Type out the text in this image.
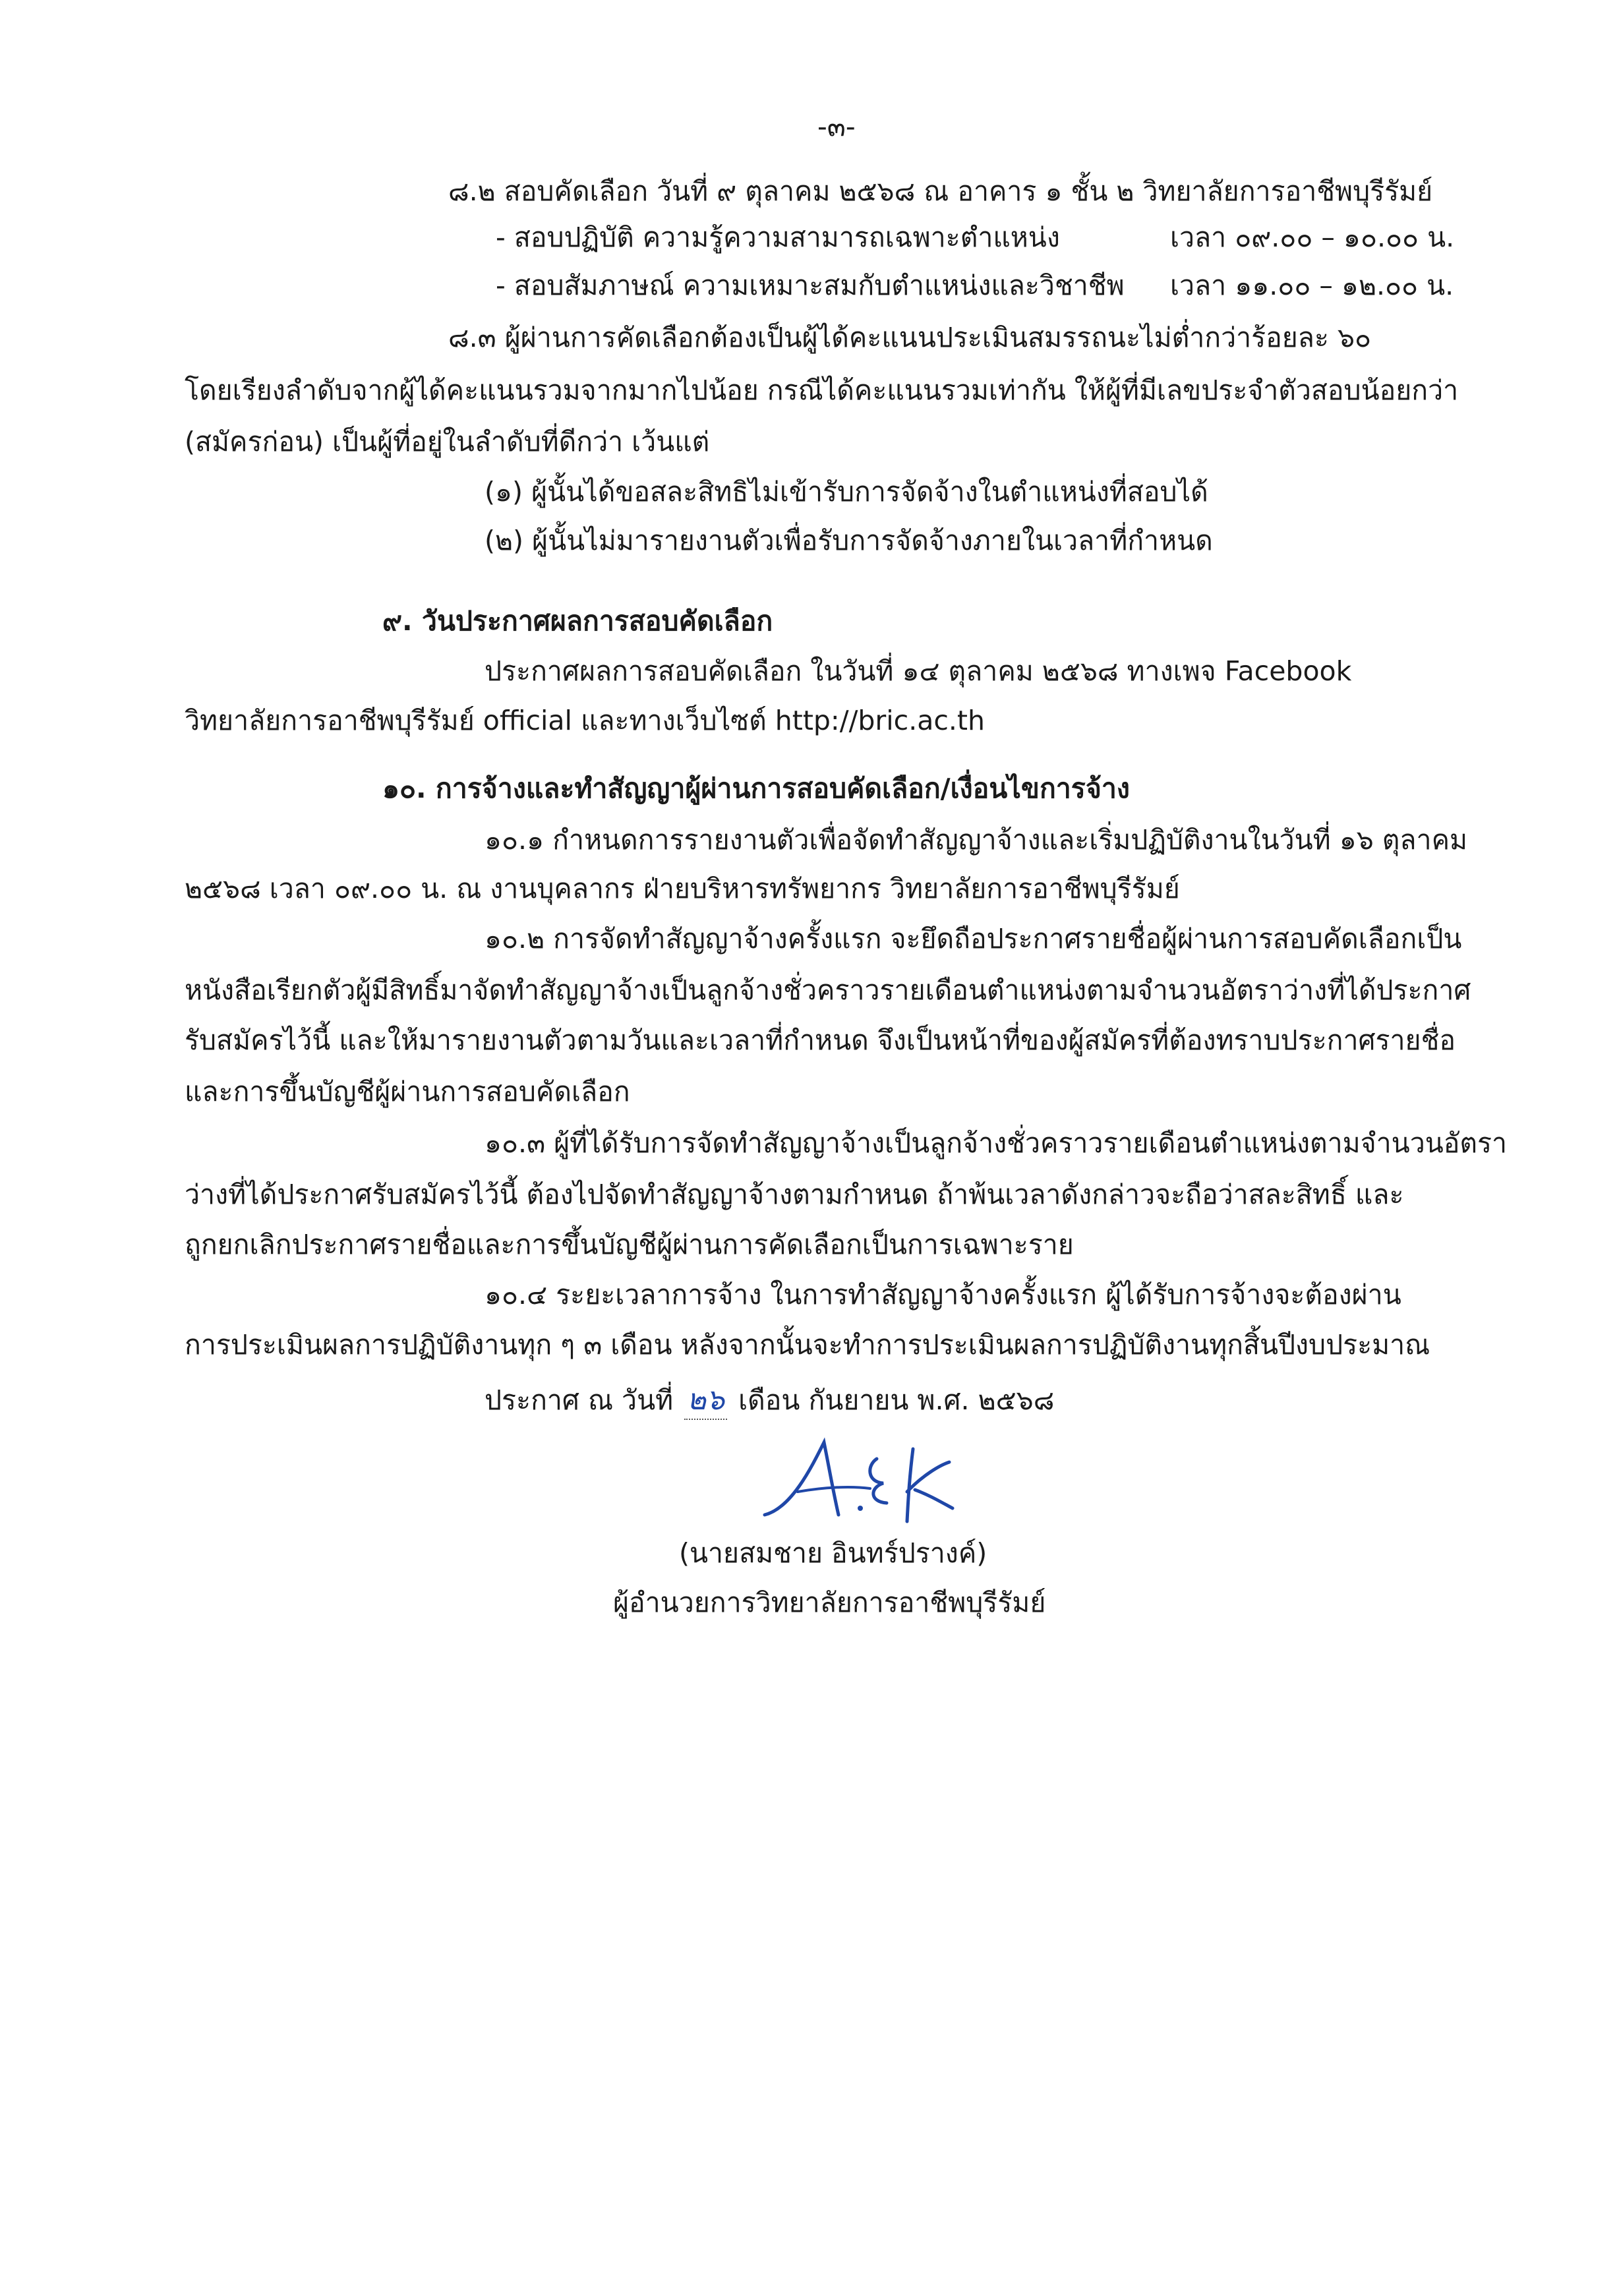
-๓-
๘.๒ สอบคัดเลือก วันที่ ๙ ตุลาคม ๒๕๖๘ ณ อาคาร ๑ ชั้น ๒ วิทยาลัยการอาชีพบุรีรัมย์
- สอบปฏิบัติ ความรู้ความสามารถเฉพาะตำแหน่ง	เวลา ๐๙.๐๐ – ๑๐.๐๐ น.
- สอบสัมภาษณ์ ความเหมาะสมกับตำแหน่งและวิชาชีพ เวลา ๑๑.๐๐ – ๑๒.๐๐ น.
๘.๓ ผู้ผ่านการคัดเลือกต้องเป็นผู้ได้คะแนนประเมินสมรรถนะไม่ต่ำกว่าร้อยละ ๖๐
โดยเรียงลำดับจากผู้ได้คะแนนรวมจากมากไปน้อย กรณีได้คะแนนรวมเท่ากัน ให้ผู้ที่มีเลขประจำตัวสอบน้อยกว่า
(สมัครก่อน) เป็นผู้ที่อยู่ในลำดับที่ดีกว่า เว้นแต่
(๑) ผู้นั้นได้ขอสละสิทธิไม่เข้ารับการจัดจ้างในตำแหน่งที่สอบได้
(๒) ผู้นั้นไม่มารายงานตัวเพื่อรับการจัดจ้างภายในเวลาที่กำหนด
๙. วันประกาศผลการสอบคัดเลือก
ประกาศผลการสอบคัดเลือก ในวันที่ ๑๔ ตุลาคม ๒๕๖๘ ทางเพจ Facebook
วิทยาลัยการอาชีพบุรีรัมย์ official และทางเว็บไซต์ http://bric.ac.th
๑๐. การจ้างและทำสัญญาผู้ผ่านการสอบคัดเลือก/เงื่อนไขการจ้าง
๑๐.๑ กำหนดการรายงานตัวเพื่อจัดทำสัญญาจ้างและเริ่มปฏิบัติงานในวันที่ ๑๖ ตุลาคม
๒๕๖๘ เวลา ๐๙.๐๐ น. ณ งานบุคลากร ฝ่ายบริหารทรัพยากร วิทยาลัยการอาชีพบุรีรัมย์
๑๐.๒ การจัดทำสัญญาจ้างครั้งแรก จะยึดถือประกาศรายชื่อผู้ผ่านการสอบคัดเลือกเป็น
หนังสือเรียกตัวผู้มีสิทธิ์มาจัดทำสัญญาจ้างเป็นลูกจ้างชั่วคราวรายเดือนตำแหน่งตามจำนวนอัตราว่างที่ได้ประกาศ
รับสมัครไว้นี้ และให้มารายงานตัวตามวันและเวลาที่กำหนด จึงเป็นหน้าที่ของผู้สมัครที่ต้องทราบประกาศรายชื่อ
และการขึ้นบัญชีผู้ผ่านการสอบคัดเลือก
๑๐.๓ ผู้ที่ได้รับการจัดทำสัญญาจ้างเป็นลูกจ้างชั่วคราวรายเดือนตำแหน่งตามจำนวนอัตรา
ว่างที่ได้ประกาศรับสมัครไว้นี้ ต้องไปจัดทำสัญญาจ้างตามกำหนด ถ้าพ้นเวลาดังกล่าวจะถือว่าสละสิทธิ์ และ
ถูกยกเลิกประกาศรายชื่อและการขึ้นบัญชีผู้ผ่านการคัดเลือกเป็นการเฉพาะราย
๑๐.๔ ระยะเวลาการจ้าง ในการทำสัญญาจ้างครั้งแรก ผู้ได้รับการจ้างจะต้องผ่าน
การประเมินผลการปฏิบัติงานทุก ๆ ๓ เดือน หลังจากนั้นจะทำการประเมินผลการปฏิบัติงานทุกสิ้นปีงบประมาณ
ประกาศ ณ วันที่ ๒๖ เดือน กันยายน พ.ศ. ๒๕๖๘
(นายสมชาย อินทร์ปรางค์)
ผู้อำนวยการวิทยาลัยการอาชีพบุรีรัมย์
